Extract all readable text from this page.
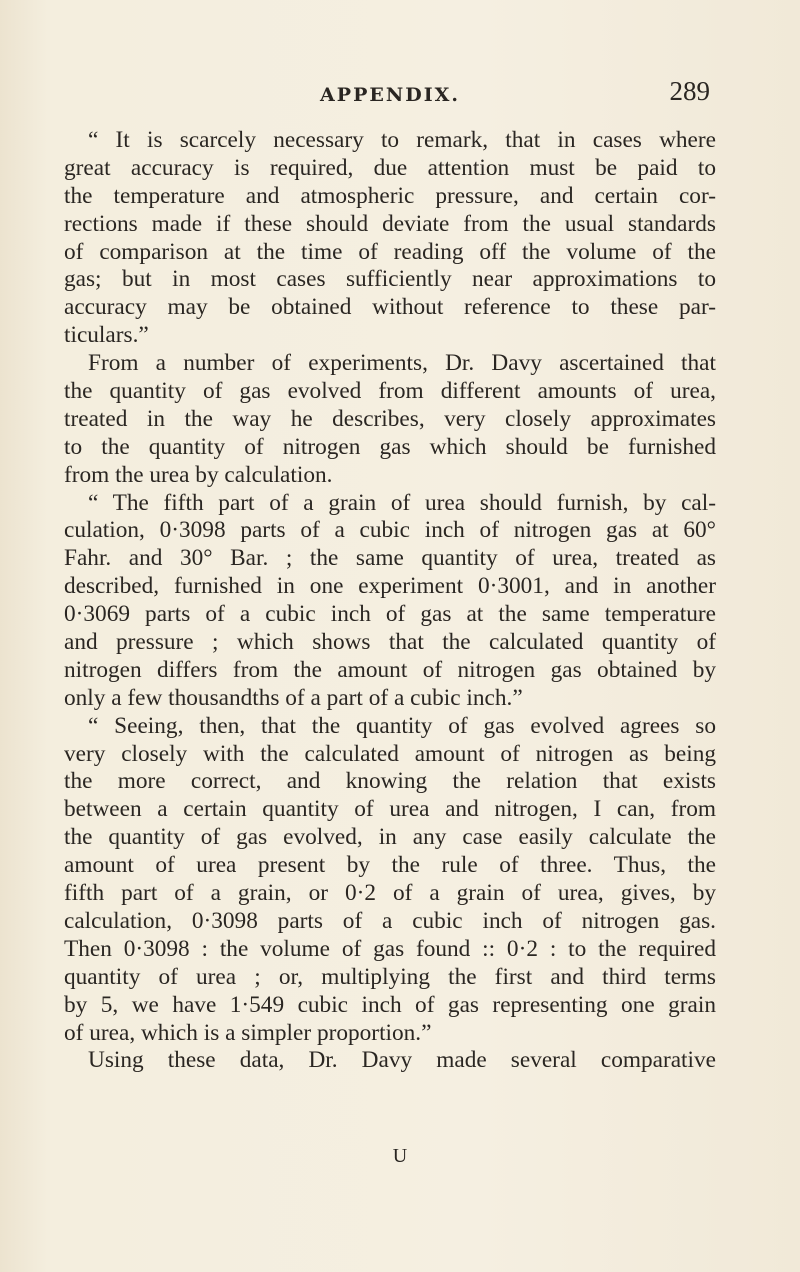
APPENDIX.	289
“ It is scarcely necessary to remark, that in cases where
great accuracy is required, due attention must be paid to
the temperature and atmospheric pressure, and certain cor-
rections made if these should deviate from the usual standards
of comparison at the time of reading off the volume of the
gas; but in most cases sufficiently near approximations to
accuracy may be obtained without reference to these par-
ticulars.”
From a number of experiments, Dr. Davy ascertained that
the quantity of gas evolved from different amounts of urea,
treated in the way he describes, very closely approximates
to the quantity of nitrogen gas which should be furnished
from the urea by calculation.
“ The fifth part of a grain of urea should furnish, by cal-
culation, 0·3098 parts of a cubic inch of nitrogen gas at 60°
Fahr. and 30° Bar. ; the same quantity of urea, treated as
described, furnished in one experiment 0·3001, and in another
0·3069 parts of a cubic inch of gas at the same temperature
and pressure ; which shows that the calculated quantity of
nitrogen differs from the amount of nitrogen gas obtained by
only a few thousandths of a part of a cubic inch.”
“ Seeing, then, that the quantity of gas evolved agrees so
very closely with the calculated amount of nitrogen as being
the more correct, and knowing the relation that exists
between a certain quantity of urea and nitrogen, I can, from
the quantity of gas evolved, in any case easily calculate the
amount of urea present by the rule of three. Thus, the
fifth part of a grain, or 0·2 of a grain of urea, gives, by
calculation, 0·3098 parts of a cubic inch of nitrogen gas.
Then 0·3098 : the volume of gas found :: 0·2 : to the required
quantity of urea ; or, multiplying the first and third terms
by 5, we have 1·549 cubic inch of gas representing one grain
of urea, which is a simpler proportion.”
Using these data, Dr. Davy made several comparative
U
